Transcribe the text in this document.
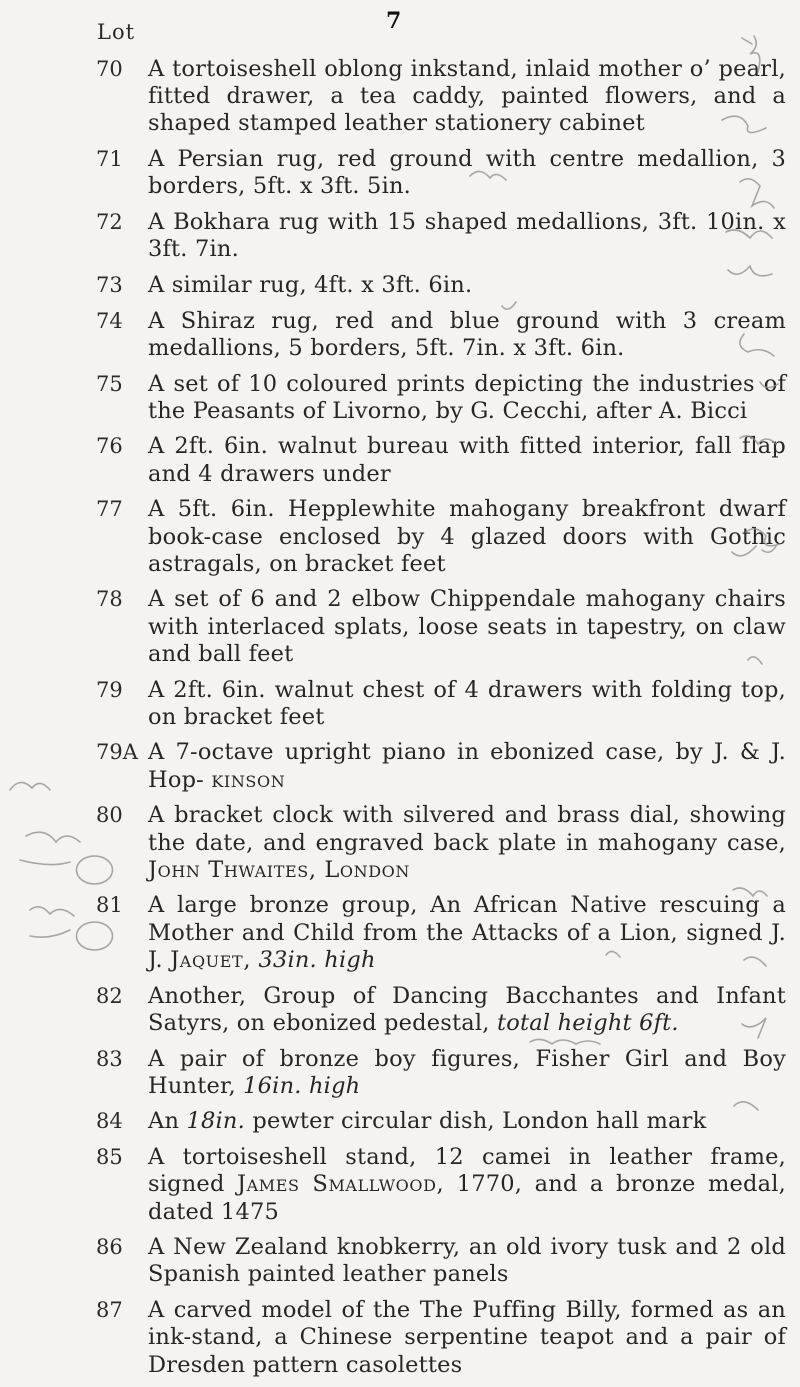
7
Lot
70	A tortoiseshell oblong inkstand, inlaid mother o’ pearl, fitted drawer, a tea caddy, painted flowers, and a shaped stamped leather stationery cabinet
71	A Persian rug, red ground with centre medallion, 3 borders, 5ft. x 3ft. 5in.
72	A Bokhara rug with 15 shaped medallions, 3ft. 10in. x 3ft. 7in.
73	A similar rug, 4ft. x 3ft. 6in.
74	A Shiraz rug, red and blue ground with 3 cream medallions, 5 borders, 5ft. 7in. x 3ft. 6in.
75	A set of 10 coloured prints depicting the industries of the Peasants of Livorno, by G. Cecchi, after A. Bicci
76	A 2ft. 6in. walnut bureau with fitted interior, fall flap and 4 drawers under
77	A 5ft. 6in. Hepplewhite mahogany breakfront dwarf book-case enclosed by 4 glazed doors with Gothic astragals, on bracket feet
78	A set of 6 and 2 elbow Chippendale mahogany chairs with interlaced splats, loose seats in tapestry, on claw and ball feet
79	A 2ft. 6in. walnut chest of 4 drawers with folding top, on bracket feet
79A A 7-octave upright piano in ebonized case, by J. & J. Hop- kinson
80	A bracket clock with silvered and brass dial, showing the date, and engraved back plate in mahogany case, John Thwaites, London
81	A large bronze group, An African Native rescuing a Mother and Child from the Attacks of a Lion, signed J. J. Jaquet, 33in. high
82	Another, Group of Dancing Bacchantes and Infant Satyrs, on ebonized pedestal, total height 6ft.
83	A pair of bronze boy figures, Fisher Girl and Boy Hunter, 16in. high
84	An 18in. pewter circular dish, London hall mark
85	A tortoiseshell stand, 12 camei in leather frame, signed James Smallwood, 1770, and a bronze medal, dated 1475
86	A New Zealand knobkerry, an old ivory tusk and 2 old Spanish painted leather panels
87	A carved model of the The Puffing Billy, formed as an ink-stand, a Chinese serpentine teapot and a pair of Dresden pattern casolettes
